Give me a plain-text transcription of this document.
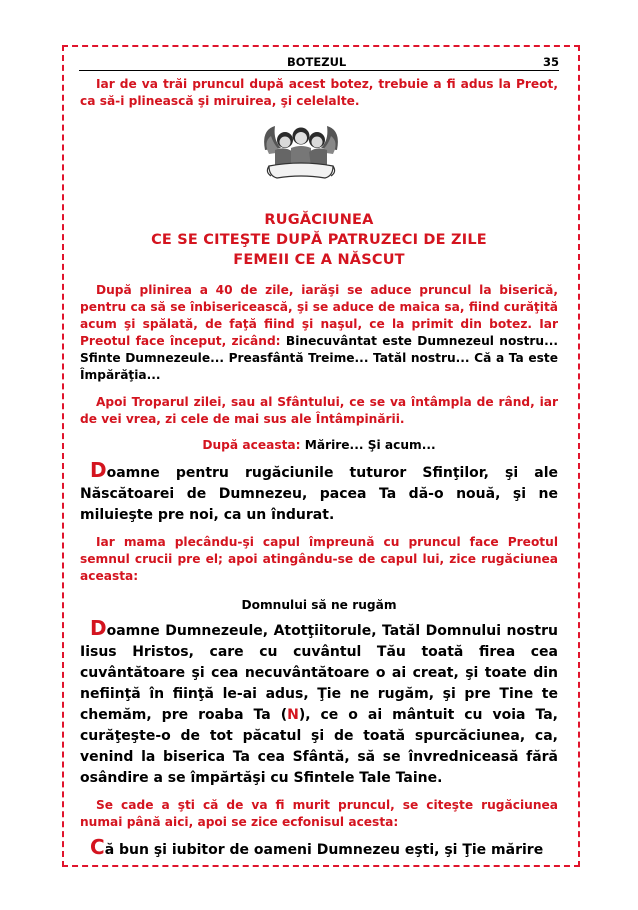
BOTEZUL	35

Iar de va trăi pruncul după acest botez, trebuie a fi adus la Preot, ca să-i plinească şi miruirea, şi celelalte.

RUGĂCIUNEA
CE SE CITEŞTE DUPĂ PATRUZECI DE ZILE
FEMEII CE A NĂSCUT

După plinirea a 40 de zile, iarăşi se aduce pruncul la biserică, pentru ca să se înbisericească, şi se aduce de maica sa, fiind curăţită acum şi spălată, de faţă fiind şi naşul, ce la primit din botez. Iar Preotul face început, zicând: Binecuvântat este Dumnezeul nostru... Sfinte Dumnezeule... Preasfântă Treime... Tatăl nostru... Că a Ta este Împărăţia...

Apoi Troparul zilei, sau al Sfântului, ce se va întâmpla de rând, iar de vei vrea, zi cele de mai sus ale Întâmpinării.

După aceasta: Mărire... Şi acum...

Doamne pentru rugăciunile tuturor Sfinţilor, şi ale Născătoarei de Dumnezeu, pacea Ta dă-o nouă, şi ne miluieşte pre noi, ca un îndurat.

Iar mama plecându-şi capul împreună cu pruncul face Preotul semnul crucii pre el; apoi atingându-se de capul lui, zice rugăciunea aceasta:

Domnului să ne rugăm

Doamne Dumnezeule, Atotţiitorule, Tatăl Domnului nostru Iisus Hristos, care cu cuvântul Tău toată firea cea cuvântătoare şi cea necuvântătoare o ai creat, şi toate din nefiinţă în fiinţă le-ai adus, Ţie ne rugăm, şi pre Tine te chemăm, pre roaba Ta (N), ce o ai mântuit cu voia Ta, curăţeşte-o de tot păcatul şi de toată spurcăciunea, ca, venind la biserica Ta cea Sfântă, să se învredniceasă fără osândire a se împărtăşi cu Sfintele Tale Taine.

Se cade a şti că de va fi murit pruncul, se citeşte rugăciunea numai până aici, apoi se zice ecfonisul acesta:

Că bun şi iubitor de oameni Dumnezeu eşti, şi Ţie mărire
